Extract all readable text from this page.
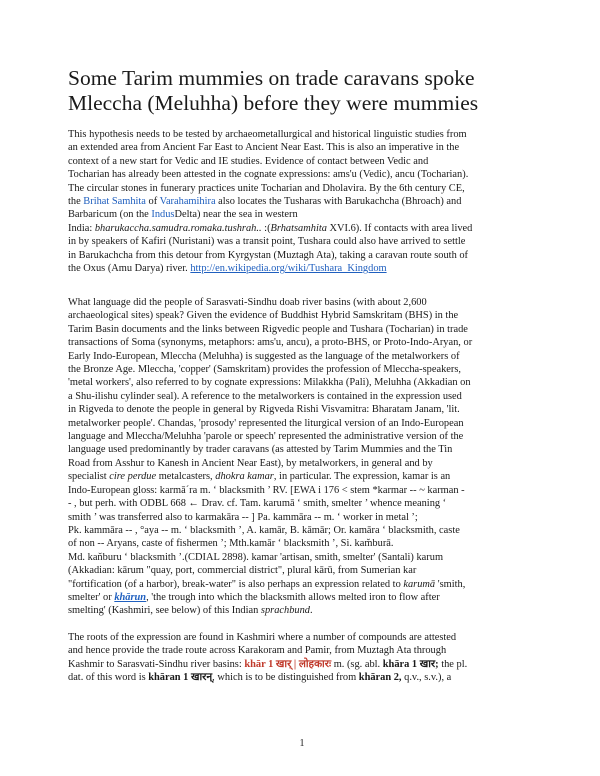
Some Tarim mummies on trade caravans spoke Mleccha (Meluhha) before they were mummies
This hypothesis needs to be tested by archaeometallurgical and historical linguistic studies from
an extended area from Ancient Far East to Ancient Near East. This is also an imperative in the
context of a new start for Vedic and IE studies. Evidence of contact between Vedic and
Tocharian has already been attested in the cognate expressions: ams'u (Vedic), ancu (Tocharian).
The circular stones in funerary practices unite Tocharian and Dholavira. By the 6th century CE,
the Brihat Samhita of Varahamihira also locates the Tusharas with Barukachcha (Bhroach) and
Barbaricum (on the IndusDelta) near the sea in western
India: bharukaccha.samudra.romaka.tushrah.. :(Brhatsamhita XVI.6). If contacts with area lived
in by speakers of Kafiri (Nuristani) was a transit point, Tushara could also have arrived to settle
in Barukachcha from this detour from Kyrgystan (Muztagh Ata), taking a caravan route south of
the Oxus (Amu Darya) river. http://en.wikipedia.org/wiki/Tushara_Kingdom
What language did the people of Sarasvati-Sindhu doab river basins (with about 2,600
archaeological sites) speak? Given the evidence of Buddhist Hybrid Samskritam (BHS) in the
Tarim Basin documents and the links between Rigvedic people and Tushara (Tocharian) in trade
transactions of Soma (synonyms, metaphors: ams'u, ancu), a proto-BHS, or Proto-Indo-Aryan, or
Early Indo-European, Mleccha (Meluhha) is suggested as the language of the metalworkers of
the Bronze Age. Mleccha, 'copper' (Samskritam) provides the profession of Mleccha-speakers,
'metal workers', also referred to by cognate expressions: Milakkha (Pali), Meluhha (Akkadian on
a Shu-ilishu cylinder seal). A reference to the metalworkers is contained in the expression used
in Rigveda to denote the people in general by Rigveda Rishi Visvamitra: Bharatam Janam, 'lit.
metalworker people'. Chandas, 'prosody' represented the liturgical version of an Indo-European
language and Mleccha/Meluhha 'parole or speech' represented the administrative version of the
language used predominantly by trader caravans (as attested by Tarim Mummies and the Tin
Road from Asshur to Kanesh in Ancient Near East), by metalworkers, in general and by
specialist cire perdue metalcasters, dhokra kamar, in particular. The expression, kamar is an
Indo-European gloss: karmā´ra m. ‘ blacksmith ’ RV. [EWA i 176 < stem *karmar -- ~ karman -
- , but perh. with ODBL 668 ← Drav. cf. Tam. karumā ‘ smith, smelter ’ whence meaning ‘
smith ’ was transferred also to karmakāra -- ] Pa. kammāra -- m. ‘ worker in metal ’;
Pk. kammāra -- , °aya -- m. ‘ blacksmith ’, A. kamār, B. kāmār; Or. kamāra ‘ blacksmith, caste
of non -- Aryans, caste of fishermen ’; Mth.kamār ‘ blacksmith ’, Si. kam̆burā.
Md. kan̆buru ‘ blacksmith ’.(CDIAL 2898). kamar 'artisan, smith, smelter' (Santali) karum
(Akkadian: kārum "quay, port, commercial district", plural kārū, from Sumerian kar
"fortification (of a harbor), break-water" is also perhaps an expression related to karumā 'smith,
smelter' or khārun, 'the trough into which the blacksmith allows melted iron to flow after
smelting' (Kashmiri, see below) of this Indian sprachbund.
The roots of the expression are found in Kashmiri where a number of compounds are attested
and hence provide the trade route across Karakoram and Pamir, from Muztagh Ata through
Kashmir to Sarasvati-Sindhu river basins: khār 1 खार् | लोहकारः m. (sg. abl. khāra 1 खार; the pl.
dat. of this word is khāran 1 खारन्, which is to be distinguished from khāran 2, q.v., s.v.), a
1
